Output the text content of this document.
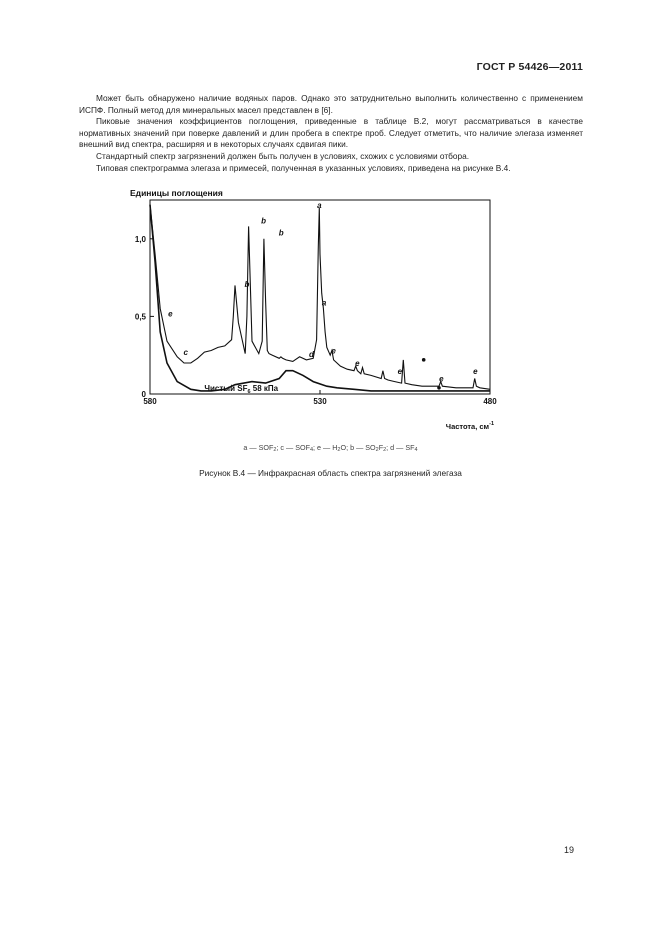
ГОСТ Р 54426—2011

Может быть обнаружено наличие водяных паров. Однако это затруднительно выполнить количественно с применением ИСПФ. Полный метод для минеральных масел представлен в [6].

Пиковые значения коэффициентов поглощения, приведенные в таблице В.2, могут рассматриваться в качестве нормативных значений при поверке давлений и длин пробега в спектре проб. Следует отметить, что наличие элегаза изменяет внешний вид спектра, расширяя и в некоторых случаях сдвигая пики.

Стандартный спектр загрязнений должен быть получен в условиях, схожих с условиями отбора.

Типовая спектрограмма элегаза и примесей, полученная в указанных условиях, приведена на рисунке В.4.

Единицы поглощения
1,0
0,5
0
580	530	480
e
c
b
b
b
a
a
d e
e
e
e
e
Чистый $SF_6$ 58 кПа
Частота, $см^{-1}$
a — $SOF_2$; c — $SOF_4$; e — $H_2O$; b — $SO_2F_2$; d — $SF_4$
Рисунок В.4 — Инфракрасная область спектра загрязнений элегаза
19
